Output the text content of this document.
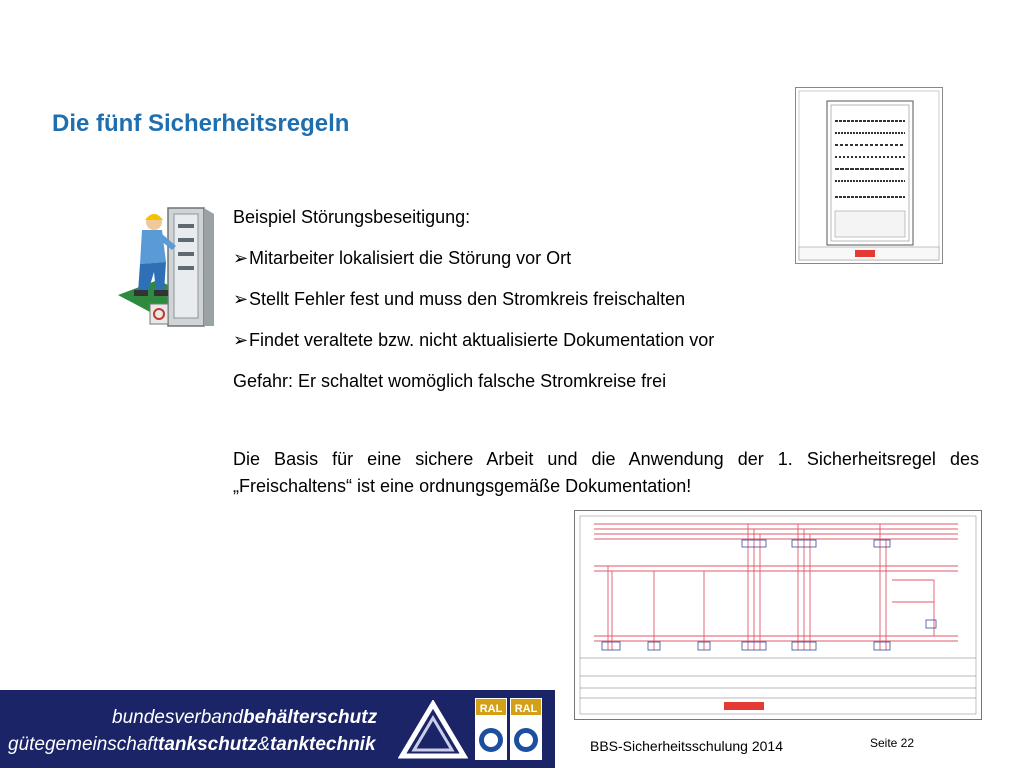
Die fünf Sicherheitsregeln
Beispiel Störungsbeseitigung:
➢Mitarbeiter lokalisiert die Störung vor Ort
➢Stellt Fehler fest und muss den Stromkreis freischalten
➢Findet veraltete bzw. nicht aktualisierte Dokumentation vor
Gefahr: Er schaltet womöglich falsche Stromkreise frei
Die Basis für eine sichere Arbeit und die Anwendung der 1. Sicherheitsregel des „Freischaltens“ ist eine ordnungsgemäße Dokumentation!
bundesverbandbehälterschutz
gütegemeinschafttankschutz&tanktechnik
RAL RAL
BBS-Sicherheitsschulung 2014	Seite 22
